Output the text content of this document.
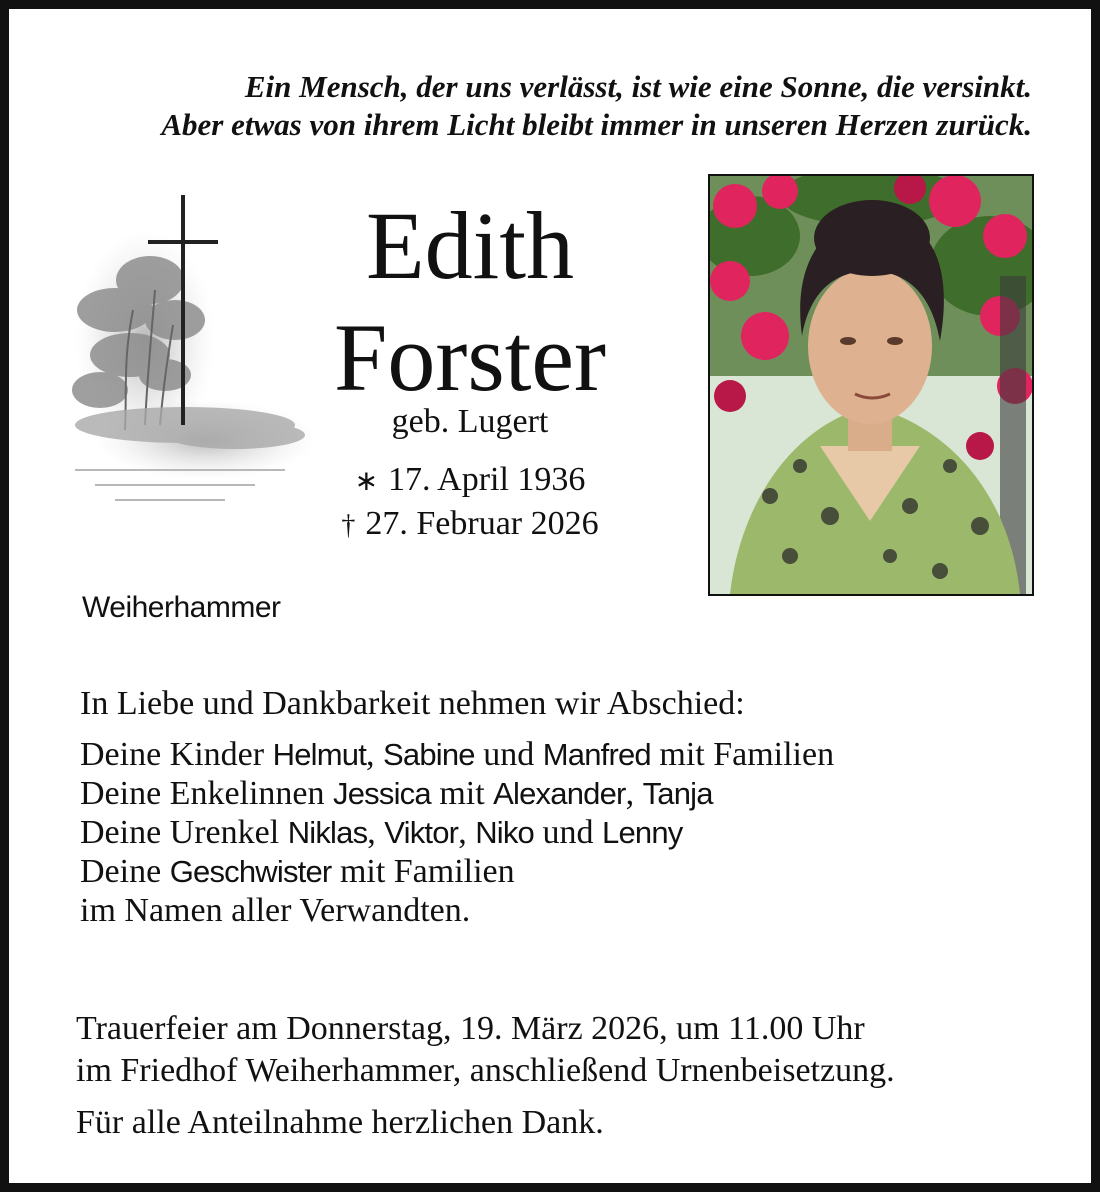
Ein Mensch, der uns verlässt, ist wie eine Sonne, die versinkt.
Aber etwas von ihrem Licht bleibt immer in unseren Herzen zurück.
Edith
Forster
geb. Lugert
∗ 17. April 1936
† 27. Februar 2026
Weiherhammer
In Liebe und Dankbarkeit nehmen wir Abschied:
Deine Kinder Helmut, Sabine und Manfred mit Familien
Deine Enkelinnen Jessica mit Alexander, Tanja
Deine Urenkel Niklas, Viktor, Niko und Lenny
Deine Geschwister mit Familien
im Namen aller Verwandten.
Trauerfeier am Donnerstag, 19. März 2026, um 11.00 Uhr
im Friedhof Weiherhammer, anschließend Urnenbeisetzung.
Für alle Anteilnahme herzlichen Dank.
